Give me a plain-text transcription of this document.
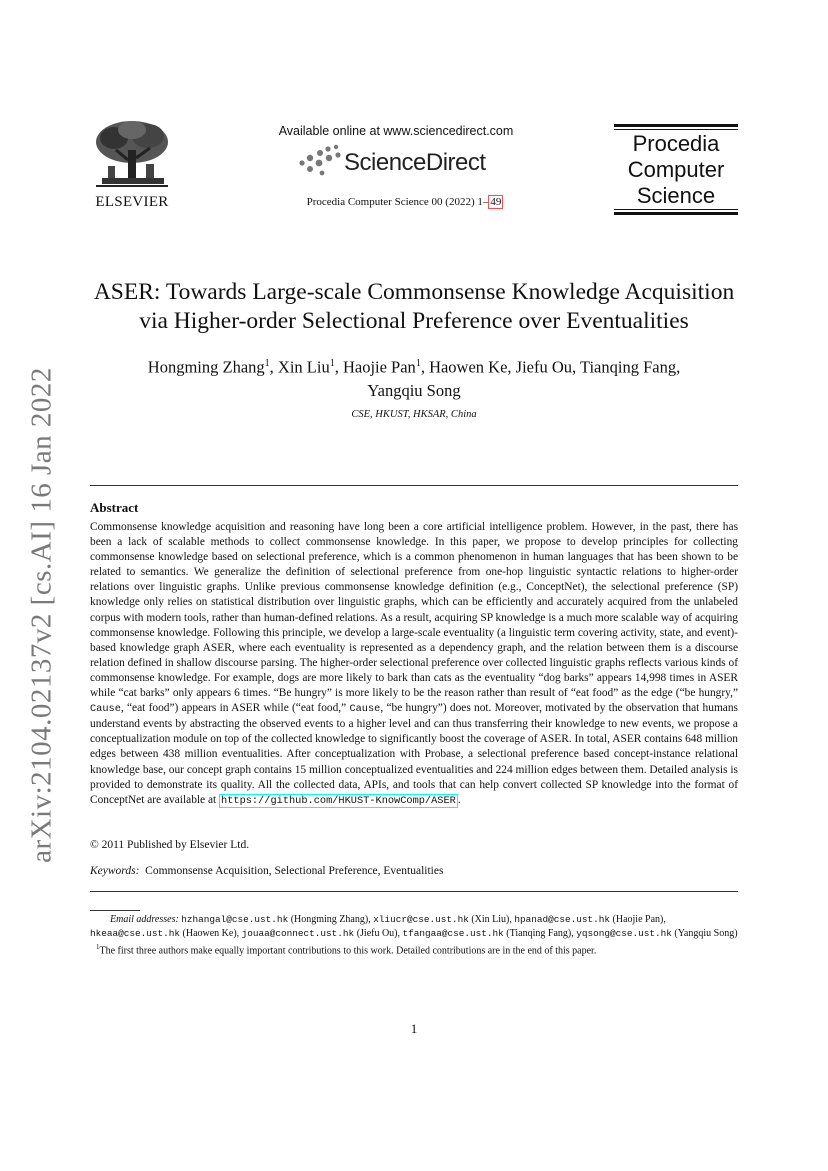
arXiv:2104.02137v2 [cs.AI] 16 Jan 2022
ELSEVIER
Available online at www.sciencedirect.com
ScienceDirect
Procedia Computer Science 00 (2022) 1– 49
Procedia
Computer
Science
ASER: Towards Large-scale Commonsense Knowledge Acquisition
via Higher-order Selectional Preference over Eventualities
Hongming Zhang$^1$, Xin Liu$^1$, Haojie Pan$^1$, Haowen Ke, Jiefu Ou, Tianqing Fang,
Yangqiu Song
CSE, HKUST, HKSAR, China
Abstract
Commonsense knowledge acquisition and reasoning have long been a core artificial intelligence problem. However, in the past, there has been a lack of scalable methods to collect commonsense knowledge. In this paper, we propose to develop principles for collecting commonsense knowledge based on selectional preference, which is a common phenomenon in human languages that has been shown to be related to semantics. We generalize the definition of selectional preference from one-hop linguistic syntactic relations to higher-order relations over linguistic graphs. Unlike previous commonsense knowledge definition (e.g., ConceptNet), the selectional preference (SP) knowledge only relies on statistical distribution over linguistic graphs, which can be efficiently and accurately acquired from the unlabeled corpus with modern tools, rather than human-defined relations. As a result, acquiring SP knowledge is a much more scalable way of acquiring commonsense knowledge. Following this principle, we develop a large-scale eventuality (a linguistic term covering activity, state, and event)-based knowledge graph ASER, where each eventuality is represented as a dependency graph, and the relation between them is a discourse relation defined in shallow discourse parsing. The higher-order selectional preference over collected linguistic graphs reflects various kinds of commonsense knowledge. For example, dogs are more likely to bark than cats as the eventuality “dog barks” appears 14,998 times in ASER while “cat barks” only appears 6 times. “Be hungry” is more likely to be the reason rather than result of “eat food” as the edge (“be hungry,” Cause, “eat food”) appears in ASER while (“eat food,” Cause, “be hungry”) does not. Moreover, motivated by the observation that humans understand events by abstracting the observed events to a higher level and can thus transferring their knowledge to new events, we propose a conceptualization module on top of the collected knowledge to significantly boost the coverage of ASER. In total, ASER contains 648 million edges between 438 million eventualities. After conceptualization with Probase, a selectional preference based concept-instance relational knowledge base, our concept graph contains 15 million conceptualized eventualities and 224 million edges between them. Detailed analysis is provided to demonstrate its quality. All the collected data, APIs, and tools that can help convert collected SP knowledge into the format of ConceptNet are available at https://github.com/HKUST-KnowComp/ASER .
© 2011 Published by Elsevier Ltd.
Keywords: Commonsense Acquisition, Selectional Preference, Eventualities
Email addresses: hzhangal@cse.ust.hk (Hongming Zhang), xliucr@cse.ust.hk (Xin Liu), hpanad@cse.ust.hk (Haojie Pan), hkeaa@cse.ust.hk (Haowen Ke), jouaa@connect.ust.hk (Jiefu Ou), tfangaa@cse.ust.hk (Tianqing Fang), yqsong@cse.ust.hk (Yangqiu Song)
$^1$The first three authors make equally important contributions to this work. Detailed contributions are in the end of this paper.
1
